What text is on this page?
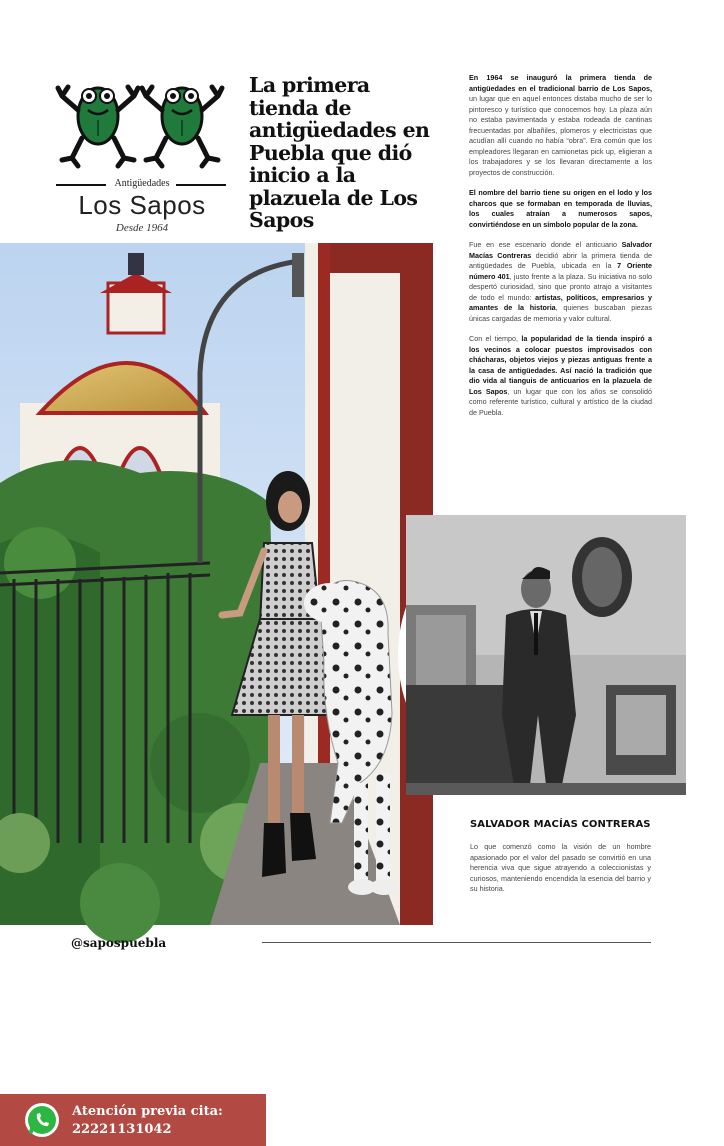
Antigüedades
Los Sapos
Desde 1964
La primera tienda de antigüedades en Puebla que dió inicio a la plazuela de Los Sapos

En 1964 se inauguró la primera tienda de antigüedades en el tradicional barrio de Los Sapos, un lugar que en aquel entonces distaba mucho de ser lo pintoresco y turístico que conocemos hoy. La plaza aún no estaba pavimentada y estaba rodeada de cantinas frecuentadas por albañiles, plomeros y electricistas que acudían allí cuando no había “obra”. Era común que los empleadores llegaran en camionetas pick up, eligieran a los trabajadores y se los llevaran directamente a los proyectos de construcción.

El nombre del barrio tiene su origen en el lodo y los charcos que se formaban en temporada de lluvias, los cuales atraían a numerosos sapos, convirtiéndose en un símbolo popular de la zona.

Fue en ese escenario donde el anticuario Salvador Macías Contreras decidió abrir la primera tienda de antigüedades de Puebla, ubicada en la 7 Oriente número 401, justo frente a la plaza. Su iniciativa no solo despertó curiosidad, sino que pronto atrajo a visitantes de todo el mundo: artistas, políticos, empresarios y amantes de la historia, quienes buscaban piezas únicas cargadas de memoria y valor cultural.

Con el tiempo, la popularidad de la tienda inspiró a los vecinos a colocar puestos improvisados con chácharas, objetos viejos y piezas antiguas frente a la casa de antigüedades. Así nació la tradición que dio vida al tianguis de anticuarios en la plazuela de Los Sapos, un lugar que con los años se consolidó como referente turístico, cultural y artístico de la ciudad de Puebla.

Atención previa cita:
22221131042
SALVADOR MACÍAS CONTRERAS

Lo que comenzó como la visión de un hombre apasionado por el valor del pasado se convirtió en una herencia viva que sigue atrayendo a coleccionistas y curiosos, manteniendo encendida la esencia del barrio y su historia.

@sapospuebla
